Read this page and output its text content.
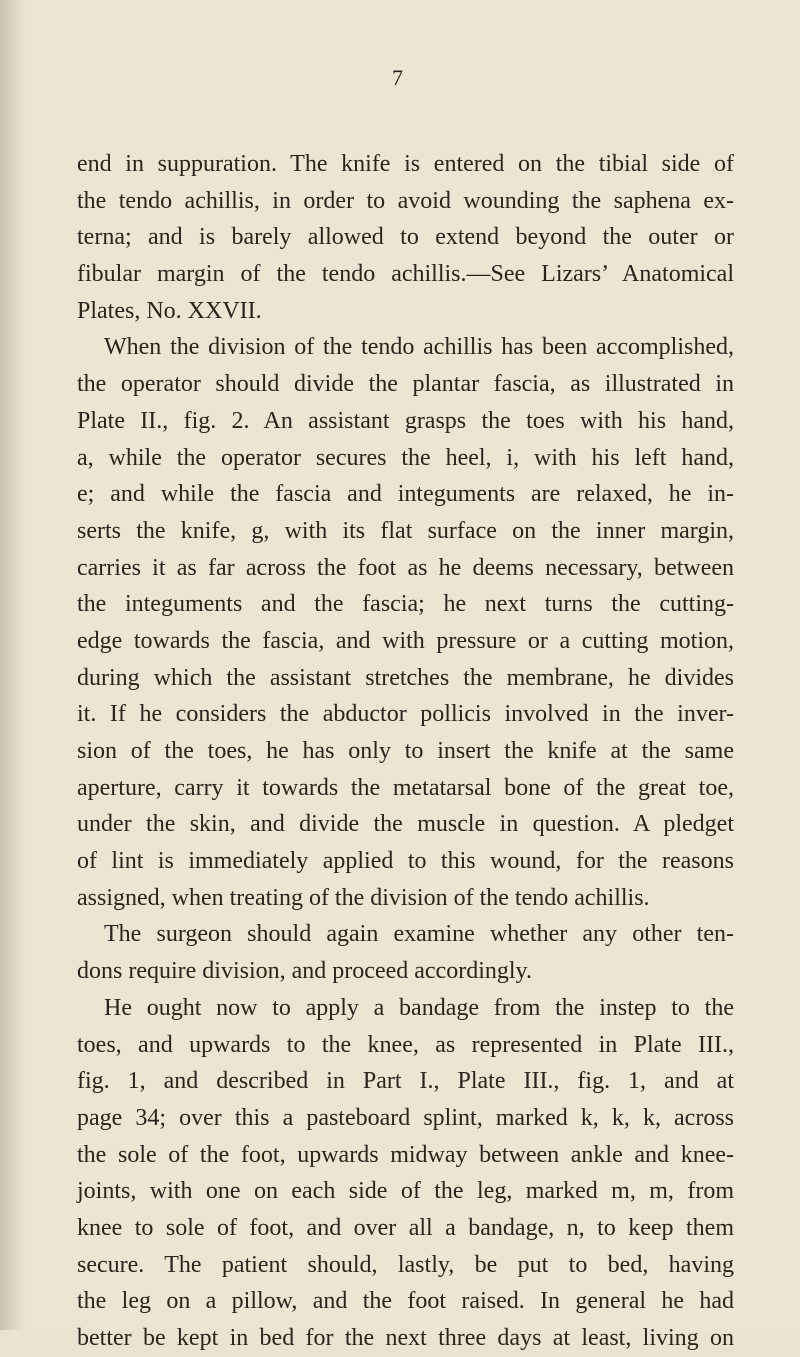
7
end in suppuration. The knife is entered on the tibial side of
the tendo achillis, in order to avoid wounding the saphena ex-
terna; and is barely allowed to extend beyond the outer or
fibular margin of the tendo achillis.—See Lizars’ Anatomical
Plates, No. XXVII.
When the division of the tendo achillis has been accomplished,
the operator should divide the plantar fascia, as illustrated in
Plate II., fig. 2. An assistant grasps the toes with his hand,
a, while the operator secures the heel, i, with his left hand,
e; and while the fascia and integuments are relaxed, he in-
serts the knife, g, with its flat surface on the inner margin,
carries it as far across the foot as he deems necessary, between
the integuments and the fascia; he next turns the cutting-
edge towards the fascia, and with pressure or a cutting motion,
during which the assistant stretches the membrane, he divides
it. If he considers the abductor pollicis involved in the inver-
sion of the toes, he has only to insert the knife at the same
aperture, carry it towards the metatarsal bone of the great toe,
under the skin, and divide the muscle in question. A pledget
of lint is immediately applied to this wound, for the reasons
assigned, when treating of the division of the tendo achillis.
The surgeon should again examine whether any other ten-
dons require division, and proceed accordingly.
He ought now to apply a bandage from the instep to the
toes, and upwards to the knee, as represented in Plate III.,
fig. 1, and described in Part I., Plate III., fig. 1, and at
page 34; over this a pasteboard splint, marked k, k, k, across
the sole of the foot, upwards midway between ankle and knee-
joints, with one on each side of the leg, marked m, m, from
knee to sole of foot, and over all a bandage, n, to keep them
secure. The patient should, lastly, be put to bed, having
the leg on a pillow, and the foot raised. In general he had
better be kept in bed for the next three days at least, living on
